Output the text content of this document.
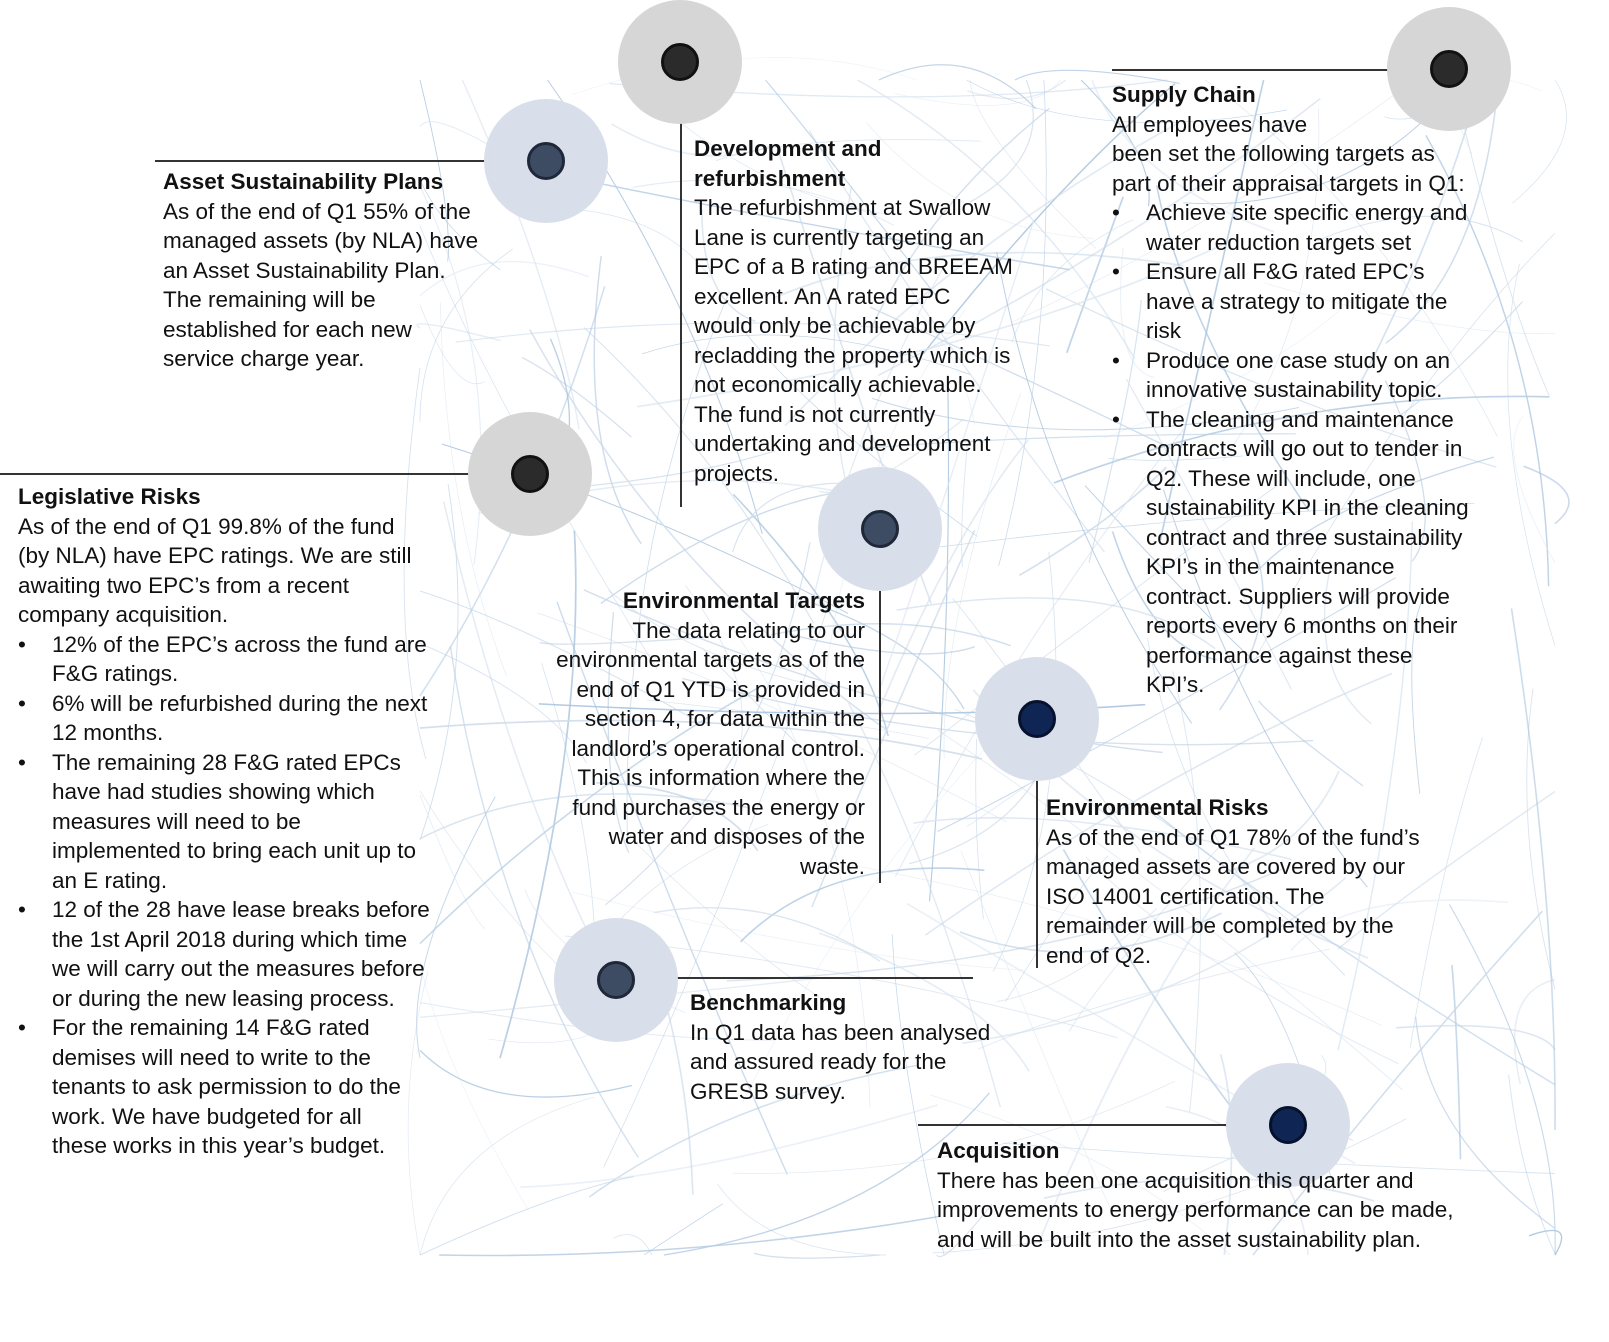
Asset Sustainability Plans

As of the end of Q1 55% of the

managed assets (by NLA) have

an Asset Sustainability Plan.

The remaining will be

established for each new

service charge year.

Development and
refurbishment

The refurbishment at Swallow

Lane is currently targeting an

EPC of a B rating and BREEAM

excellent. An A rated EPC

would only be achievable by

recladding the property which is

not economically achievable.

The fund is not currently

undertaking and development

projects.

Supply Chain

All employees have

been set the following targets as

part of their appraisal targets in Q1:

• Achieve site specific energy and
water reduction targets set
• Ensure all F&G rated EPC’s
have a strategy to mitigate the
risk
• Produce one case study on an
innovative sustainability topic.
• The cleaning and maintenance
contracts will go out to tender in
Q2. These will include, one
sustainability KPI in the cleaning
contract and three sustainability
KPI’s in the maintenance
contract. Suppliers will provide
reports every 6 months on their
performance against these
KPI’s.
Legislative Risks

As of the end of Q1 99.8% of the fund

(by NLA) have EPC ratings. We are still

awaiting two EPC’s from a recent

company acquisition.

• 12% of the EPC’s across the fund are
F&G ratings.
• 6% will be refurbished during the next
12 months.
• The remaining 28 F&G rated EPCs
have had studies showing which
measures will need to be
implemented to bring each unit up to
an E rating.
• 12 of the 28 have lease breaks before
the 1st April 2018 during which time
we will carry out the measures before
or during the new leasing process.
• For the remaining 14 F&G rated
demises will need to write to the
tenants to ask permission to do the
work. We have budgeted for all
these works in this year’s budget.
Environmental Targets

The data relating to our

environmental targets as of the

end of Q1 YTD is provided in

section 4, for data within the

landlord’s operational control.

This is information where the

fund purchases the energy or

water and disposes of the

waste.

Environmental Risks

As of the end of Q1 78% of the fund’s

managed assets are covered by our

ISO 14001 certification. The

remainder will be completed by the

end of Q2.

Benchmarking

In Q1 data has been analysed

and assured ready for the

GRESB survey.

Acquisition

There has been one acquisition this quarter and

improvements to energy performance can be made,

and will be built into the asset sustainability plan.
